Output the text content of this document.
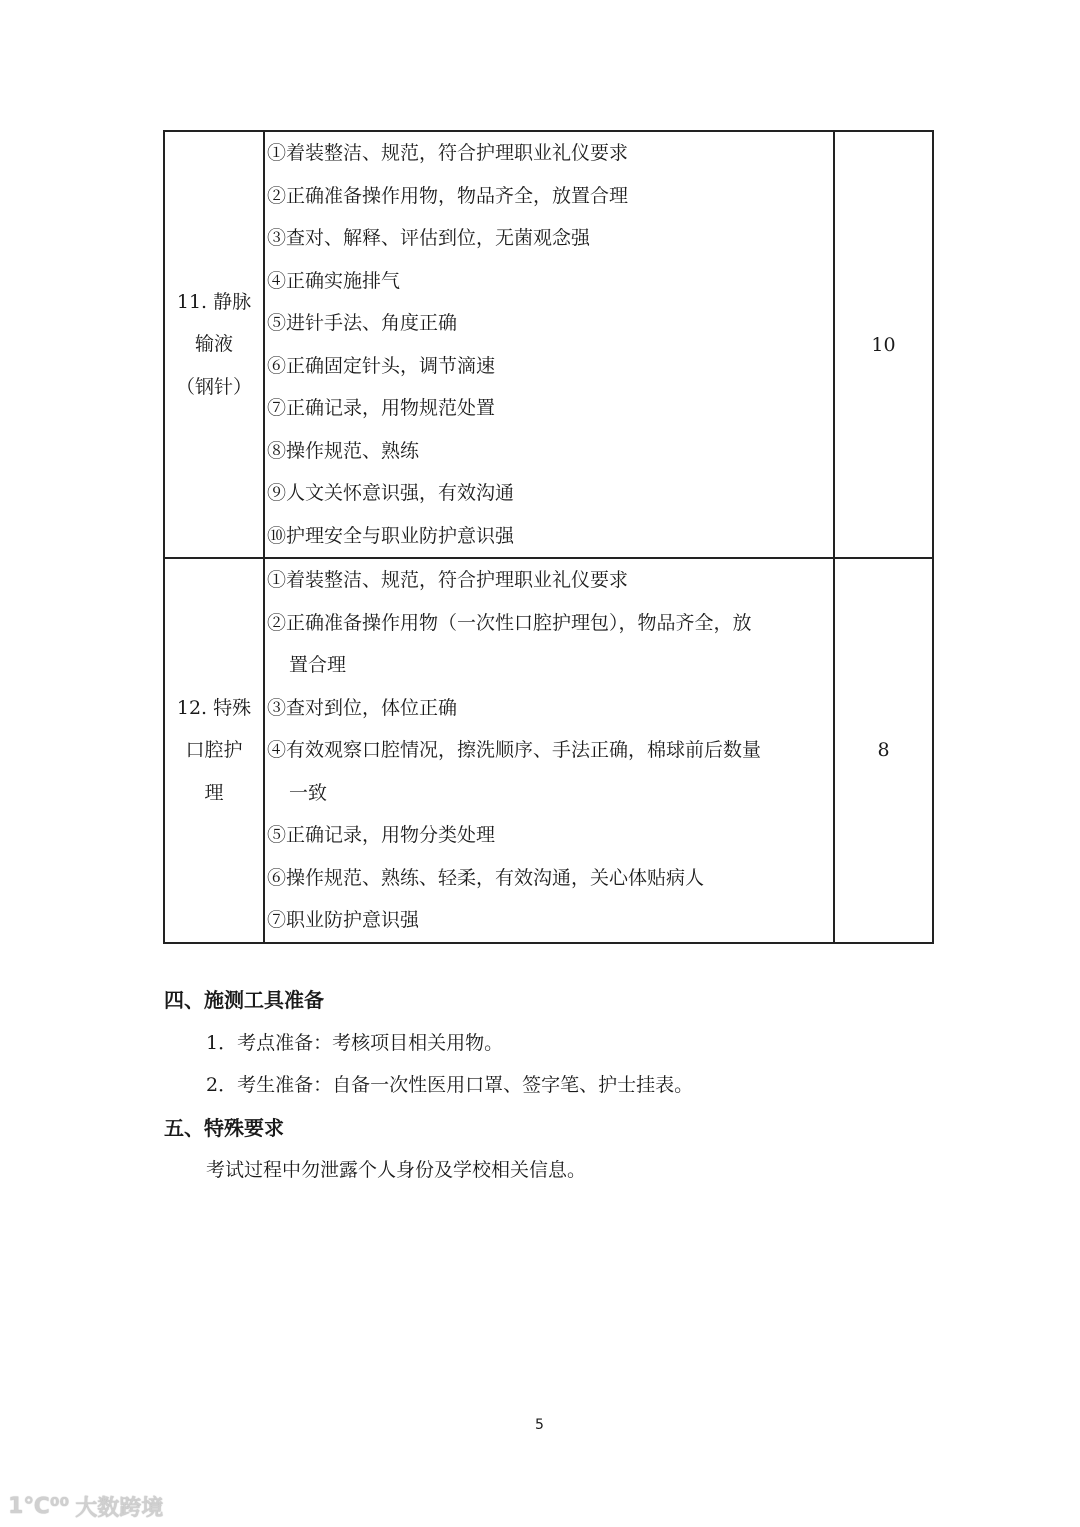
11. 静脉
输液
（钢针）

①着装整洁、规范，符合护理职业礼仪要求
②正确准备操作用物，物品齐全，放置合理
③查对、解释、评估到位，无菌观念强
④正确实施排气
⑤进针手法、角度正确
⑥正确固定针头，调节滴速
⑦正确记录，用物规范处置
⑧操作规范、熟练
⑨人文关怀意识强，有效沟通
⑩护理安全与职业防护意识强
	10

12. 特殊
口腔护
理

①着装整洁、规范，符合护理职业礼仪要求
②正确准备操作用物（一次性口腔护理包），物品齐全，放
置合理
③查对到位，体位正确
④有效观察口腔情况，擦洗顺序、手法正确，棉球前后数量
一致
⑤正确记录，用物分类处理
⑥操作规范、熟练、轻柔，有效沟通，关心体贴病人
⑦职业防护意识强
	8
四、施测工具准备
1．考点准备：考核项目相关用物。
2．考生准备：自备一次性医用口罩、签字笔、护士挂表。
五、特殊要求
考试过程中勿泄露个人身份及学校相关信息。
5
1℃⁰⁰ 大数跨境
